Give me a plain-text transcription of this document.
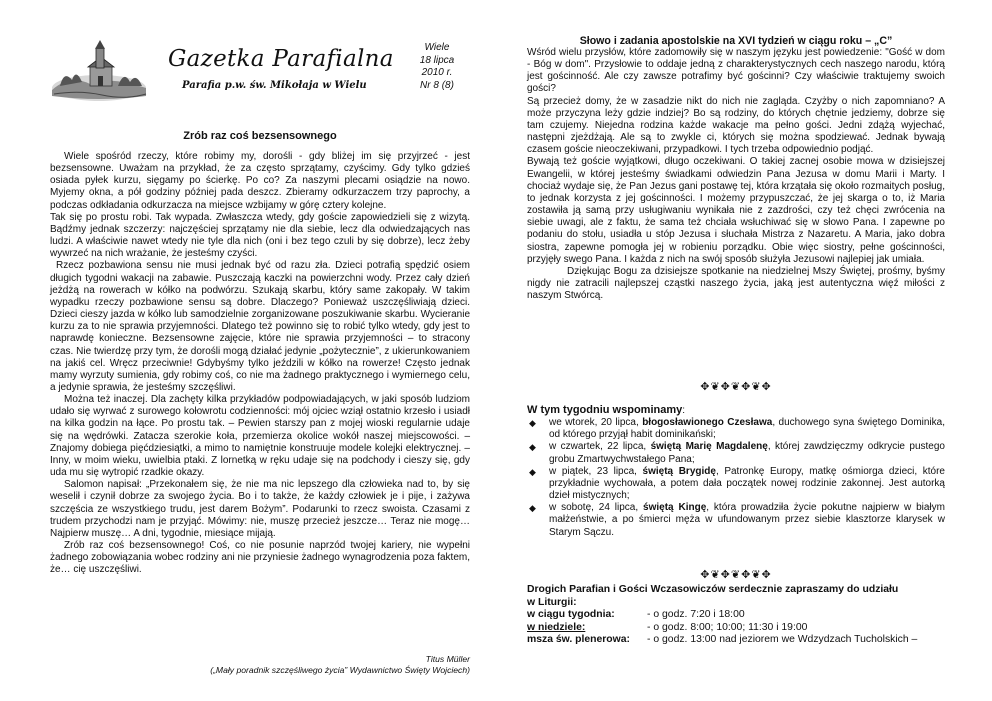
Gazetka Parafialna
Parafia p.w. św. Mikołaja w Wielu
Wiele
18 lipca
2010 r.
Nr 8 (8)
Zrób raz coś bezsensownego

Wiele spośród rzeczy, które robimy my, dorośli - gdy bliżej im się przyjrzeć - jest bezsensowne. Uważam na przykład, że za często sprzątamy, czyścimy. Gdy tylko gdzieś osiada pyłek kurzu, sięgamy po ścierkę. Po co? Za naszymi plecami osiądzie na nowo. Myjemy okna, a pół godziny później pada deszcz. Zbieramy odkurzaczem trzy paprochy, a podczas odkładania odkurzacza na miejsce wzbijamy w górę cztery kolejne.

Tak się po prostu robi. Tak wypada. Zwłaszcza wtedy, gdy goście zapowiedzieli się z wizytą. Bądźmy jednak szczerzy: najczęściej sprzątamy nie dla siebie, lecz dla odwiedzających nas ludzi. A właściwie nawet wtedy nie tyle dla nich (oni i bez tego czuli by się dobrze), lecz żeby wywrzeć na nich wrażanie, że jesteśmy czyści.

Rzecz pozbawiona sensu nie musi jednak być od razu zła. Dzieci potrafią spędzić osiem długich tygodni wakacji na zabawie. Puszczają kaczki na powierzchni wody. Przez cały dzień jeżdżą na rowerach w kółko na podwórzu. Szukają skarbu, który same zakopały. W takim wypadku rzeczy pozbawione sensu są dobre. Dlaczego? Ponieważ uszczęśliwiają dzieci. Dzieci cieszy jazda w kółko lub samodzielnie zorganizowane poszukiwanie skarbu. Wycieranie kurzu za to nie sprawia przyjemności. Dlatego też powinno się to robić tylko wtedy, gdy jest to naprawdę konieczne. Bezsensowne zajęcie, które nie sprawia przyjemności – to stracony czas. Nie twierdzę przy tym, że dorośli mogą działać jedynie „pożytecznie”, z ukierunkowaniem na jakiś cel. Wręcz przeciwnie! Gdybyśmy tylko jeździli w kółko na rowerze! Często jednak mamy wyrzuty sumienia, gdy robimy coś, co nie ma żadnego praktycznego i wymiernego celu, a jedynie sprawia, że jesteśmy szczęśliwi.

Można też inaczej. Dla zachęty kilka przykładów podpowiadających, w jaki sposób ludziom udało się wyrwać z surowego kołowrotu codzienności: mój ojciec wziął ostatnio krzesło i usiadł na kilka godzin na łące. Po prostu tak. – Pewien starszy pan z mojej wioski regularnie udaje się na wędrówki. Zatacza szerokie koła, przemierza okolice wokół naszej miejscowości. – Znajomy dobiega pięćdziesiątki, a mimo to namiętnie konstruuje modele kolejki elektrycznej. – Inny, w moim wieku, uwielbia ptaki. Z lornetką w ręku udaje się na podchody i cieszy się, gdy uda mu się wytropić rzadkie okazy.

Salomon napisał: „Przekonałem się, że nie ma nic lepszego dla człowieka nad to, by się weselił i czynił dobrze za swojego życia. Bo i to także, że każdy człowiek je i pije, i zażywa szczęścia ze wszystkiego trudu, jest darem Bożym”. Podarunki to rzecz swoista. Czasami z trudem przychodzi nam je przyjąć. Mówimy: nie, muszę przecież jeszcze… Teraz nie mogę… Najpierw muszę… A dni, tygodnie, miesiące mijają.

Zrób raz coś bezsensownego! Coś, co nie posunie naprzód twojej kariery, nie wypełni żadnego zobowiązania wobec rodziny ani nie przyniesie żadnego wynagrodzenia poza faktem, że… cię uszczęśliwi.

Titus Müller
(„Mały poradnik szczęśliwego życia” Wydawnictwo Święty Wojciech)
Słowo i zadania apostolskie na XVI tydzień w ciągu roku – „C”

Wśród wielu przysłów, które zadomowiły się w naszym języku jest powiedzenie: "Gość w dom - Bóg w dom". Przysłowie to oddaje jedną z charakterystycznych cech naszego narodu, którą jest gościnność. Ale czy zawsze potrafimy być gościnni? Czy właściwie traktujemy swoich gości?

Są przecież domy, że w zasadzie nikt do nich nie zagląda. Czyżby o nich zapomniano? A może przyczyna leży gdzie indziej? Bo są rodziny, do których chętnie jedziemy, dobrze się tam czujemy. Niejedna rodzina każde wakacje ma pełno gości. Jedni zdążą wyjechać, następni zjeżdżają. Ale są to zwykle ci, których się można spodziewać. Jednak bywają czasem goście nieoczekiwani, przypadkowi. I tych trzeba odpowiednio podjąć.

Bywają też goście wyjątkowi, długo oczekiwani. O takiej zacnej osobie mowa w dzisiejszej Ewangelii, w której jesteśmy świadkami odwiedzin Pana Jezusa w domu Marii i Marty. I chociaż wydaje się, że Pan Jezus gani postawę tej, która krzątała się około rozmaitych posług, to jednak korzysta z jej gościnności. I możemy przypuszczać, że jej skarga o to, iż Maria zostawiła ją samą przy usługiwaniu wynikała nie z zazdrości, czy też chęci zwrócenia na siebie uwagi, ale z faktu, że sama też chciała wsłuchiwać się w słowo Pana. I zapewne po podaniu do stołu, usiadła u stóp Jezusa i słuchała Mistrza z Nazaretu. A Maria, jako dobra siostra, zapewne pomogła jej w robieniu porządku. Obie więc siostry, pełne gościnności, przyjęły swego Pana. I każda z nich na swój sposób służyła Jezusowi najlepiej jak umiała.

Dziękując Bogu za dzisiejsze spotkanie na niedzielnej Mszy Świętej, prośmy, byśmy nigdy nie zatracili najlepszej cząstki naszego życia, jaką jest autentyczna więź miłości z naszym Stwórcą.

✥❦✥❦✥❦✥
W tym tygodniu wspominamy:
◆ we wtorek, 20 lipca, błogosławionego Czesława, duchowego syna świętego Dominika, od którego przyjął habit dominikański;
◆ w czwartek, 22 lipca, świętą Marię Magdalenę, której zawdzięczmy odkrycie pustego grobu Zmartwychwstałego Pana;
◆ w piątek, 23 lipca, świętą Brygidę, Patronkę Europy, matkę ośmiorga dzieci, które przykładnie wychowała, a potem dała początek nowej rodzinie zakonnej. Jest autorką dzieł mistycznych;
◆ w sobotę, 24 lipca, świętą Kingę, która prowadziła życie pokutne najpierw w białym małżeństwie, a po śmierci męża w ufundowanym przez siebie klasztorze klarysek w Starym Sączu.
✥❦✥❦✥❦✥
Drogich Parafian i Gości Wczasowiczów serdecznie zapraszamy do udziału
w Liturgii:
w ciągu tygodnia:	- o godz. 7:20 i 18:00
w niedziele:	- o godz. 8:00; 10:00; 11:30 i 19:00
msza św. plenerowa:	- o godz. 13:00 nad jeziorem we Wdzydzach Tucholskich –
